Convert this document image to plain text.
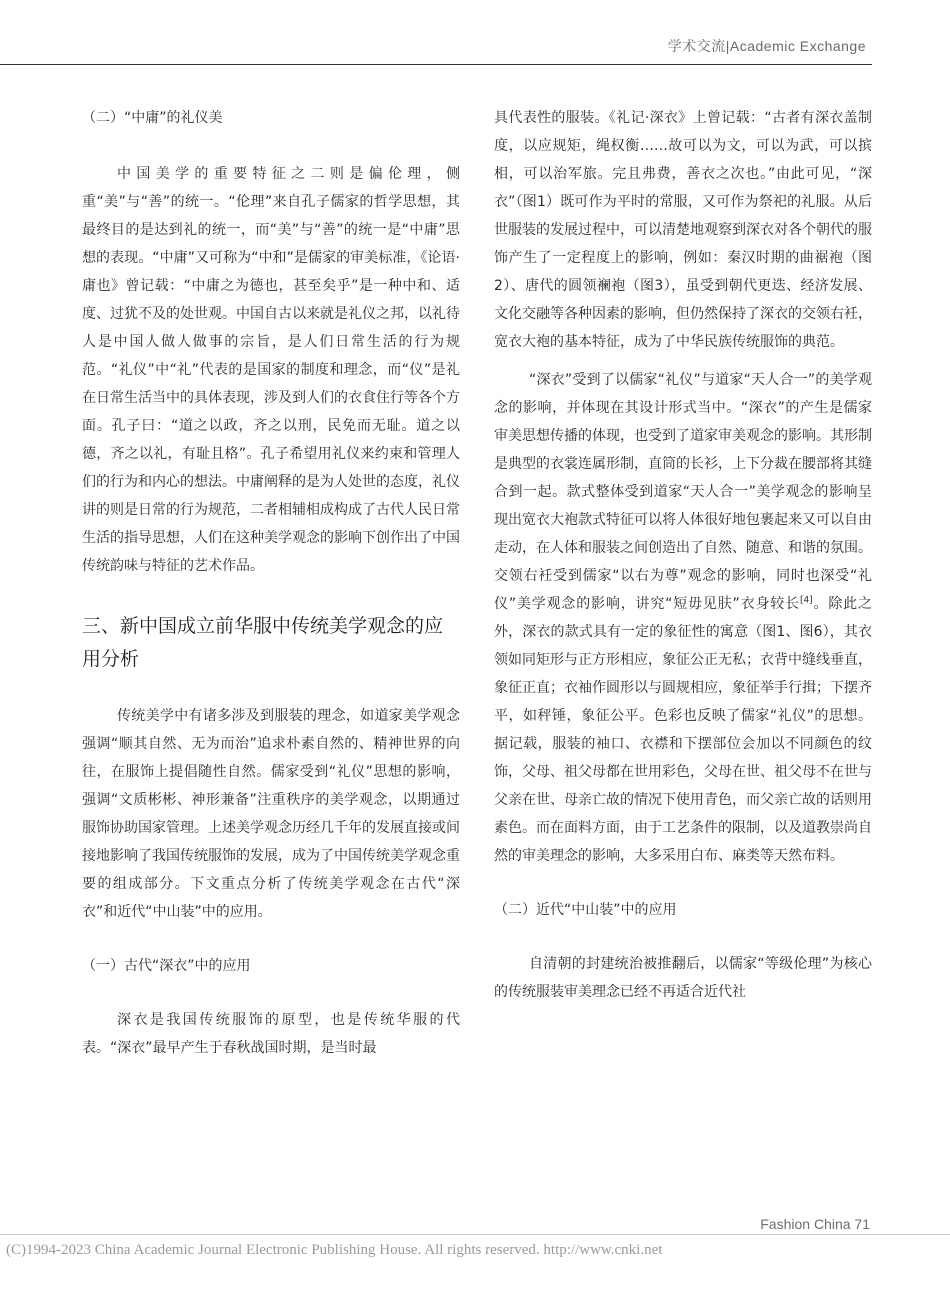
学术交流|Academic Exchange

（二）“中庸”的礼仪美

中国美学的重要特征之二则是偏伦理，侧重“美”与“善”的统一。“伦理”来自孔子儒家的哲学思想，其最终目的是达到礼的统一，而“美”与“善”的统一是“中庸”思想的表现。“中庸”又可称为“中和”是儒家的审美标准，《论语·庸也》曾记载：“中庸之为德也，甚至矣乎”是一种中和、适度、过犹不及的处世观。中国自古以来就是礼仪之邦，以礼待人是中国人做人做事的宗旨，是人们日常生活的行为规范。“礼仪”中“礼”代表的是国家的制度和理念，而“仪”是礼在日常生活当中的具体表现，涉及到人们的衣食住行等各个方面。孔子曰：“道之以政，齐之以刑，民免而无耻。道之以德，齐之以礼，有耻且格”。孔子希望用礼仪来约束和管理人们的行为和内心的想法。中庸阐释的是为人处世的态度，礼仪讲的则是日常的行为规范，二者相辅相成构成了古代人民日常生活的指导思想，人们在这种美学观念的影响下创作出了中国传统韵味与特征的艺术作品。

三、新中国成立前华服中传统美学观念的应用分析

传统美学中有诸多涉及到服装的理念，如道家美学观念强调“顺其自然、无为而治”追求朴素自然的、精神世界的向往，在服饰上提倡随性自然。儒家受到“礼仪”思想的影响，强调“文质彬彬、神形兼备”注重秩序的美学观念，以期通过服饰协助国家管理。上述美学观念历经几千年的发展直接或间接地影响了我国传统服饰的发展，成为了中国传统美学观念重要的组成部分。下文重点分析了传统美学观念在古代“深衣”和近代“中山装”中的应用。

（一）古代“深衣”中的应用

深衣是我国传统服饰的原型，也是传统华服的代表。“深衣”最早产生于春秋战国时期，是当时最

具代表性的服装。《礼记·深衣》上曾记载：“古者有深衣盖制度，以应规矩，绳权衡……故可以为文，可以为武，可以摈相，可以治军旅。完且弗费，善衣之次也。”由此可见，“深衣”（图1）既可作为平时的常服，又可作为祭祀的礼服。从后世服装的发展过程中，可以清楚地观察到深衣对各个朝代的服饰产生了一定程度上的影响，例如：秦汉时期的曲裾袍（图2）、唐代的圆领襕袍（图3），虽受到朝代更迭、经济发展、文化交融等各种因素的影响，但仍然保持了深衣的交领右衽，宽衣大袍的基本特征，成为了中华民族传统服饰的典范。

“深衣”受到了以儒家“礼仪”与道家“天人合一”的美学观念的影响，并体现在其设计形式当中。“深衣”的产生是儒家审美思想传播的体现，也受到了道家审美观念的影响。其形制是典型的衣裳连属形制，直筒的长衫，上下分裁在腰部将其缝合到一起。款式整体受到道家“天人合一”美学观念的影响呈现出宽衣大袍款式特征可以将人体很好地包裹起来又可以自由走动，在人体和服装之间创造出了自然、随意、和谐的氛围。交领右衽受到儒家“以右为尊”观念的影响，同时也深受“礼仪”美学观念的影响，讲究“短毋见肤”衣身较长[4]。除此之外，深衣的款式具有一定的象征性的寓意（图1、图6），其衣领如同矩形与正方形相应，象征公正无私；衣背中缝线垂直，象征正直；衣袖作圆形以与圆规相应，象征举手行揖；下摆齐平，如秤锤，象征公平。色彩也反映了儒家“礼仪”的思想。据记载，服装的袖口、衣襟和下摆部位会加以不同颜色的纹饰，父母、祖父母都在世用彩色，父母在世、祖父母不在世与父亲在世、母亲亡故的情况下使用青色，而父亲亡故的话则用素色。而在面料方面，由于工艺条件的限制，以及道教崇尚自然的审美理念的影响，大多采用白布、麻类等天然布料。

（二）近代“中山装”中的应用

自清朝的封建统治被推翻后，以儒家“等级伦理”为核心的传统服装审美理念已经不再适合近代社

Fashion China 71
(C)1994-2023 China Academic Journal Electronic Publishing House. All rights reserved. http://www.cnki.net
